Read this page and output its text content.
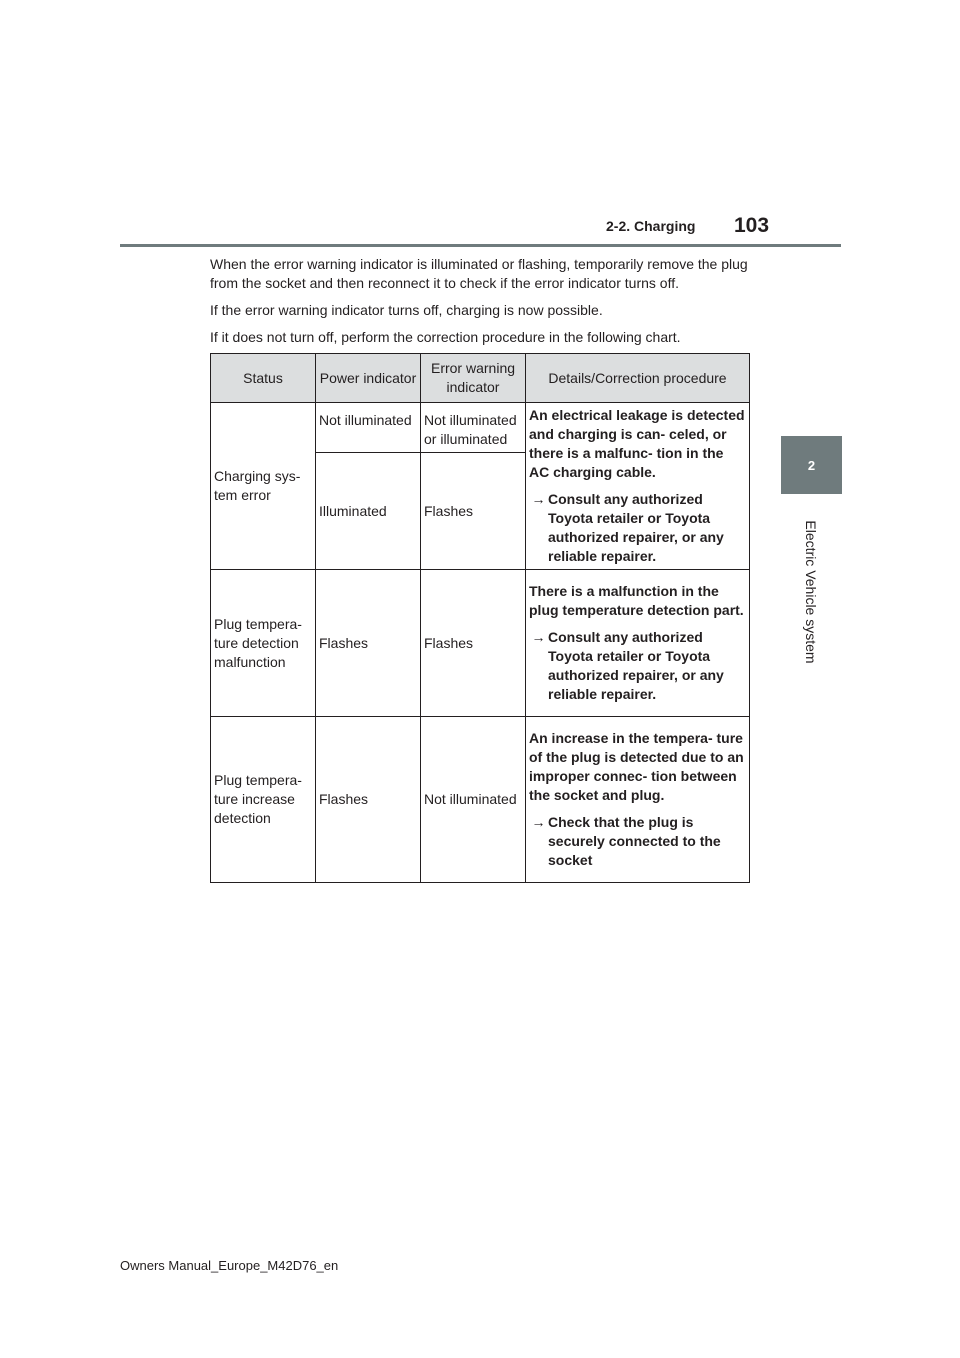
2-2. Charging 103
2
Electric Vehicle system

When the error warning indicator is illuminated or flashing, temporarily remove the plug from the socket and then reconnect it to check if the error indicator turns off.

If the error warning indicator turns off, charging is now possible.

If it does not turn off, perform the correction procedure in the following chart.

Status	Power indicator	Error warning indicator	Details/Correction procedure
Charging sys- tem error	Not illuminated	Not illuminated or illuminated	An electrical leakage is detected and charging is can- celed, or there is a malfunc- tion in the AC charging cable.

→ Consult any authorized Toyota retailer or Toyota authorized repairer, or any reliable repairer.

	Illuminated	Flashes	
Plug tempera- ture detection malfunction	Flashes	Flashes	There is a malfunction in the plug temperature detection part.

→ Consult any authorized Toyota retailer or Toyota authorized repairer, or any reliable repairer.

Plug tempera- ture increase detection	Flashes	Not illuminated	An increase in the tempera- ture of the plug is detected due to an improper connec- tion between the socket and plug.

→ Check that the plug is securely connected to the socket
Owners Manual_Europe_M42D76_en
